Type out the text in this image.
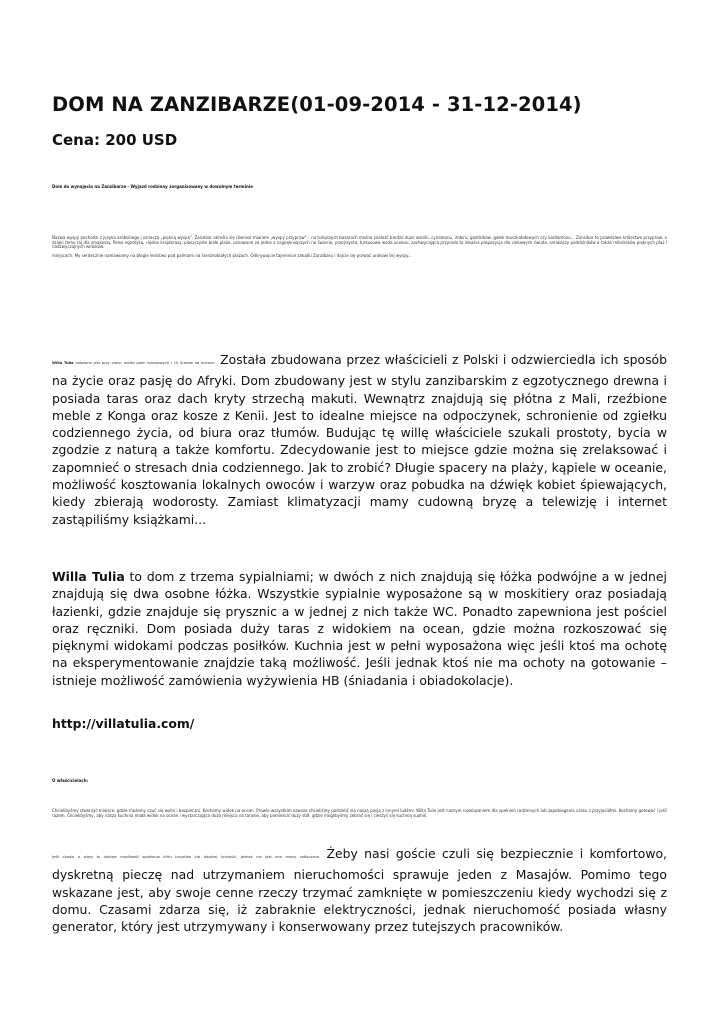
DOM NA ZANZIBARZE(01-09-2014 - 31-12-2014)
Cena: 200 USD
Dom do wynajęcia na Zanzibarze - Wyjazd rodzinny zorganizowany w dowolnym terminie
Nazwa wyspy pochodzi z języka arabskiego i oznacza „piękną wyspę". Zanzibar określa się również mianem „wyspy przypraw" – na tutejszych bazarach można znaleźć bardzo dużo wanilii, cynamonu, imbiru, goździków, gałek muszkatołowych czy kardamonu... Zanzibar to prawdziwe królestwo przypraw, a dzięki temu raj dla smakoszy. Pełna egzotyka, rajskie krajobrazy, piaszczyste białe plaże, uznawane za jedne z najpiękniejszych na świecie, przejrzysta, turkusowa woda oceanu, zachwycająca przyroda to idealna propozycja dla ciekawych świata, smakoszy podróżników a także miłośników pięknych plaż i nadzwyczajnych widoków.
miejscach. My serdecznie namawiamy na błogie lenistwo pod palmami na śnieżnobiałych plażach. Odkrywajcie tajemnice zakątki Zanzibaru i dajcie się porwać urokowi tej wyspy...

Willa Tulia położona jest przy plaży, wśród palm kokosowych i 10 krokow od oceanu. Została zbudowana przez właścicieli z Polski i odzwierciedla ich sposób na życie oraz pasję do Afryki. Dom zbudowany jest w stylu zanzibarskim z egzotycznego drewna i posiada taras oraz dach kryty strzechą makuti. Wewnątrz znajdują się płótna z Mali, rzeźbione meble z Konga oraz kosze z Kenii. Jest to idealne miejsce na odpoczynek, schronienie od zgiełku codziennego życia, od biura oraz tłumów. Budując tę willę właściciele szukali prostoty, bycia w zgodzie z naturą a także komfortu. Zdecydowanie jest to miejsce gdzie można się zrelaksować i zapomnieć o stresach dnia codziennego. Jak to zrobić? Długie spacery na plaży, kąpiele w oceanie, możliwość kosztowania lokalnych owoców i warzyw oraz pobudka na dźwięk kobiet śpiewających, kiedy zbierają wodorosty. Zamiast klimatyzacji mamy cudowną bryzę a telewizję i internet zastąpiliśmy książkami...

Willa Tulia to dom z trzema sypialniami; w dwóch z nich znajdują się łóżka podwójne a w jednej znajdują się dwa osobne łóżka. Wszystkie sypialnie wyposażone są w moskitiery oraz posiadają łazienki, gdzie znajduje się prysznic a w jednej z nich także WC. Ponadto zapewniona jest pościel oraz ręczniki. Dom posiada duży taras z widokiem na ocean, gdzie można rozkoszować się pięknymi widokami podczas posiłków. Kuchnia jest w pełni wyposażona więc jeśli ktoś ma ochotę na eksperymentowanie znajdzie taką możliwość. Jeśli jednak ktoś nie ma ochoty na gotowanie – istnieje możliwość zamówienia wyżywienia HB (śniadania i obiadokolacje).

http://villatulia.com/
O właścicielach:
Chcielibyśmy stworzyć miejsce, gdzie możemy czuć się wolni i bezpieczni. Kochamy widok na ocean. Prawie wszystkim zawsze chcieliśmy podzielić się naszą pasją z innymi ludźmi. Willa Tulia jest naszym rozwiązaniem dla spełnień rodzinnych lub zapobiegania czasu z przyjaciółmi. Kochamy gotować i jeść razem. Chcielibyśmy, aby nasza kuchnia miała widok na ocean i wystarczająco dużo miejsca na tarasie, aby pomieścić duży stół. gdzie moglibyśmy zebrać się i cieszyć się kuchnią suahili.

Jeśli chodzi o plaży to istnieje możliwość spotkania kilku turystów lub lokalnej ludności, jednak nie jest ona mięzy zatłoczona. Żeby nasi goście czuli się bezpiecznie i komfortowo, dyskretną pieczę nad utrzymaniem nieruchomości sprawuje jeden z Masajów. Pomimo tego wskazane jest, aby swoje cenne rzeczy trzymać zamknięte w pomieszczeniu kiedy wychodzi się z domu. Czasami zdarza się, iż zabraknie elektryczności, jednak nieruchomość posiada własny generator, który jest utrzymywany i konserwowany przez tutejszych pracowników.
